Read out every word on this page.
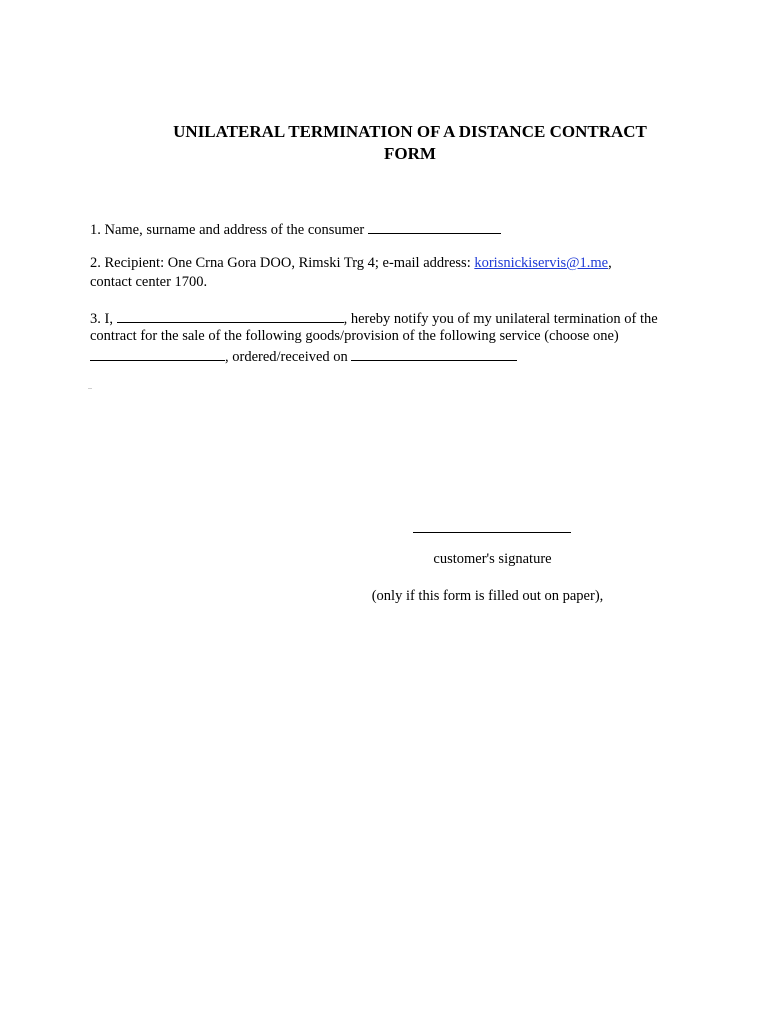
UNILATERAL TERMINATION OF A DISTANCE CONTRACT
FORM
1. Name, surname and address of the consumer
2. Recipient: One Crna Gora DOO, Rimski Trg 4; e-mail address: korisnickiservis@1.me,
contact center 1700.
3. I,	, hereby notify you of my unilateral termination of the
contract for the sale of the following goods/provision of the following service (choose one)
, ordered/received on
customer's signature
(only if this form is filled out on paper),
